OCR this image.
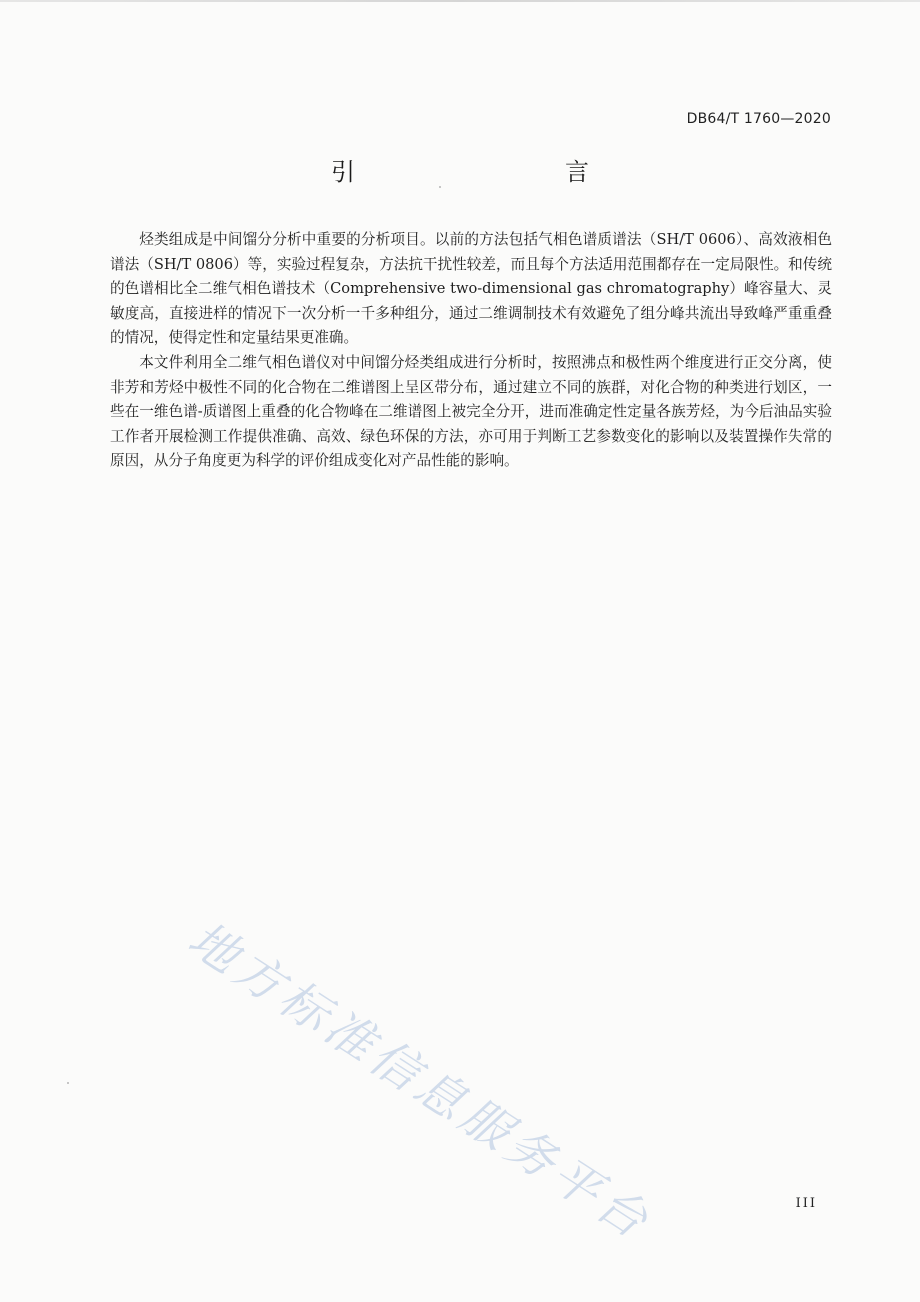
DB64/T 1760—2020
引　　言

烃类组成是中间馏分分析中重要的分析项目。以前的方法包括气相色谱质谱法（SH/T 0606）、高效液相色谱法（SH/T 0806）等，实验过程复杂，方法抗干扰性较差，而且每个方法适用范围都存在一定局限性。和传统的色谱相比全二维气相色谱技术（Comprehensive two-dimensional gas chromatography）峰容量大、灵敏度高，直接进样的情况下一次分析一千多种组分，通过二维调制技术有效避免了组分峰共流出导致峰严重重叠的情况，使得定性和定量结果更准确。

本文件利用全二维气相色谱仪对中间馏分烃类组成进行分析时，按照沸点和极性两个维度进行正交分离，使非芳和芳烃中极性不同的化合物在二维谱图上呈区带分布，通过建立不同的族群，对化合物的种类进行划区，一些在一维色谱-质谱图上重叠的化合物峰在二维谱图上被完全分开，进而准确定性定量各族芳烃，为今后油品实验工作者开展检测工作提供准确、高效、绿色环保的方法，亦可用于判断工艺参数变化的影响以及装置操作失常的原因，从分子角度更为科学的评价组成变化对产品性能的影响。

地方标准信息服务平台	III
